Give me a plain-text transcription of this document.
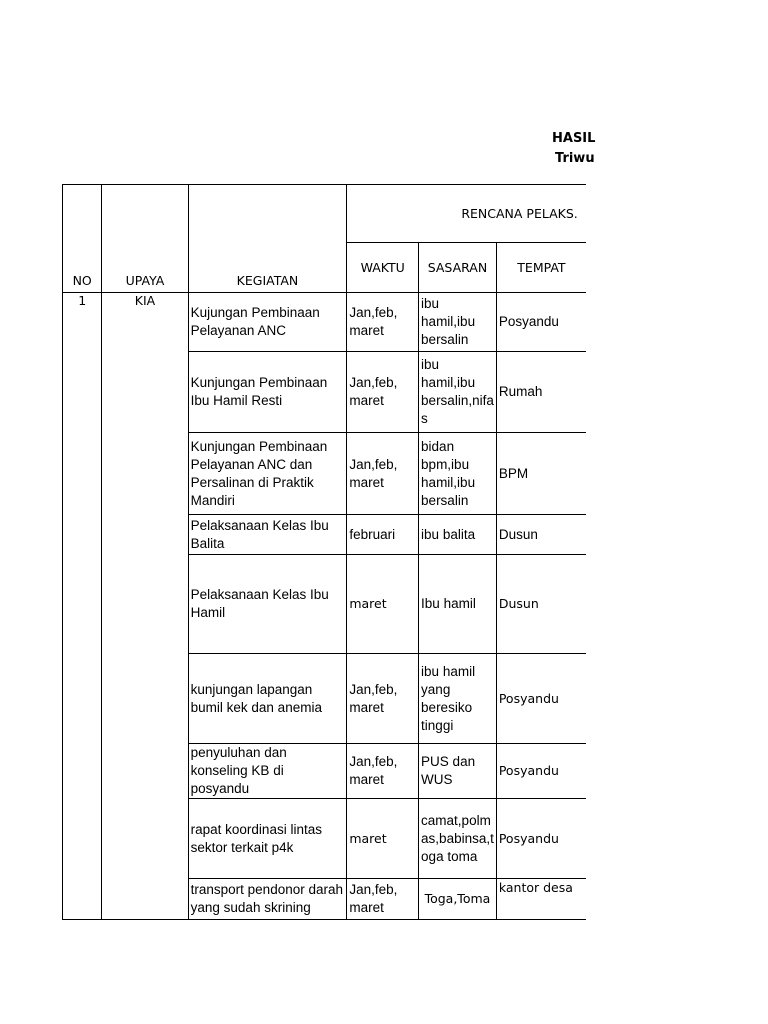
HASIL
Triwu
NO	UPAYA	KEGIATAN	RENCANA PELAKS.		
			WAKTU	SASARAN	TEMPAT
1	KIA	Kujungan Pembinaan Pelayanan ANC	Jan,feb, maret	ibu hamil,ibu bersalin	Posyandu
		Kunjungan Pembinaan Ibu Hamil Resti	Jan,feb, maret	ibu hamil,ibu bersalin,nifa s	Rumah
		Kunjungan Pembinaan Pelayanan ANC dan Persalinan di Praktik Mandiri	Jan,feb, maret	bidan bpm,ibu hamil,ibu bersalin	BPM
		Pelaksanaan Kelas Ibu Balita	februari	ibu balita	Dusun
		Pelaksanaan Kelas Ibu Hamil	maret	Ibu hamil	Dusun
		kunjungan lapangan bumil kek dan anemia	Jan,feb, maret	ibu hamil yang beresiko tinggi	Posyandu
		penyuluhan dan konseling KB di posyandu	Jan,feb, maret	PUS dan WUS	Posyandu
		rapat koordinasi lintas sektor terkait p4k	maret	camat,polm as,babinsa,t oga toma	Posyandu
		transport pendonor darah yang sudah skrining	Jan,feb, maret	Toga,Toma	kantor desa
